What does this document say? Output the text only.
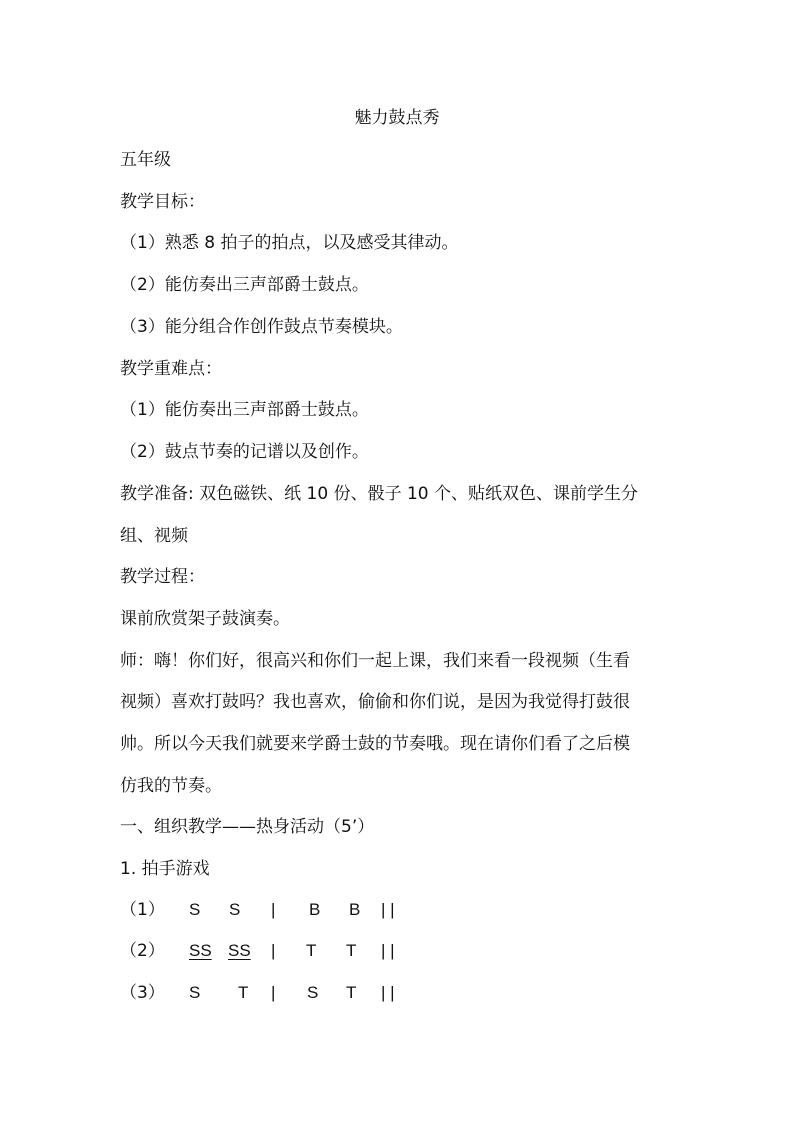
魅力鼓点秀
五年级
教学目标：
（1）熟悉 8 拍子的拍点，以及感受其律动。
（2）能仿奏出三声部爵士鼓点。
（3）能分组合作创作鼓点节奏模块。
教学重难点：
（1）能仿奏出三声部爵士鼓点。
（2）鼓点节奏的记谱以及创作。
教学准备: 双色磁铁、纸 10 份、骰子 10 个、贴纸双色、课前学生分
组、视频
教学过程：
课前欣赏架子鼓演奏。
师：嗨！你们好，很高兴和你们一起上课，我们来看一段视频（生看
视频）喜欢打鼓吗？我也喜欢，偷偷和你们说，是因为我觉得打鼓很
帅。所以今天我们就要来学爵士鼓的节奏哦。现在请你们看了之后模
仿我的节奏。
一、组织教学——热身活动（5’）
1. 拍手游戏
（1） S S | B B | |
（2） SS SS | T T | |
（3） S T | S T | |
